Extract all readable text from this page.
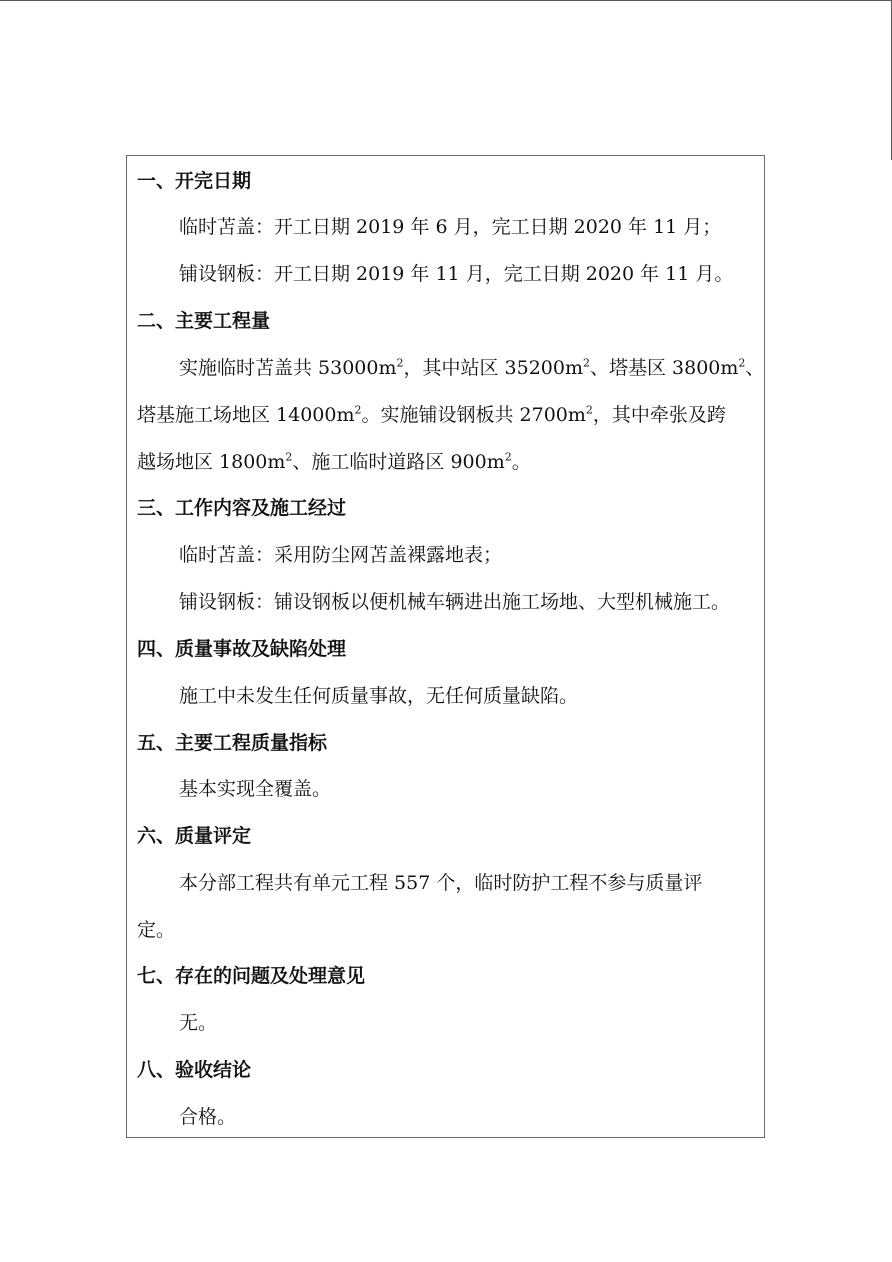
一、开完日期
临时苫盖：开工日期 2019 年 6 月，完工日期 2020 年 11 月；
铺设钢板：开工日期 2019 年 11 月，完工日期 2020 年 11 月。
二、主要工程量
实施临时苫盖共 $53000m^2$，其中站区 $35200m^2$、塔基区 $3800m^2$、
塔基施工场地区 $14000m^2$。实施铺设钢板共 $2700m^2$，其中牵张及跨
越场地区 $1800m^2$、施工临时道路区 $900m^2$。
三、工作内容及施工经过
临时苫盖：采用防尘网苫盖裸露地表；
铺设钢板：铺设钢板以便机械车辆进出施工场地、大型机械施工。
四、质量事故及缺陷处理
施工中未发生任何质量事故，无任何质量缺陷。
五、主要工程质量指标
基本实现全覆盖。
六、质量评定
本分部工程共有单元工程 557 个，临时防护工程不参与质量评
定。
七、存在的问题及处理意见
无。
八、验收结论
合格。
